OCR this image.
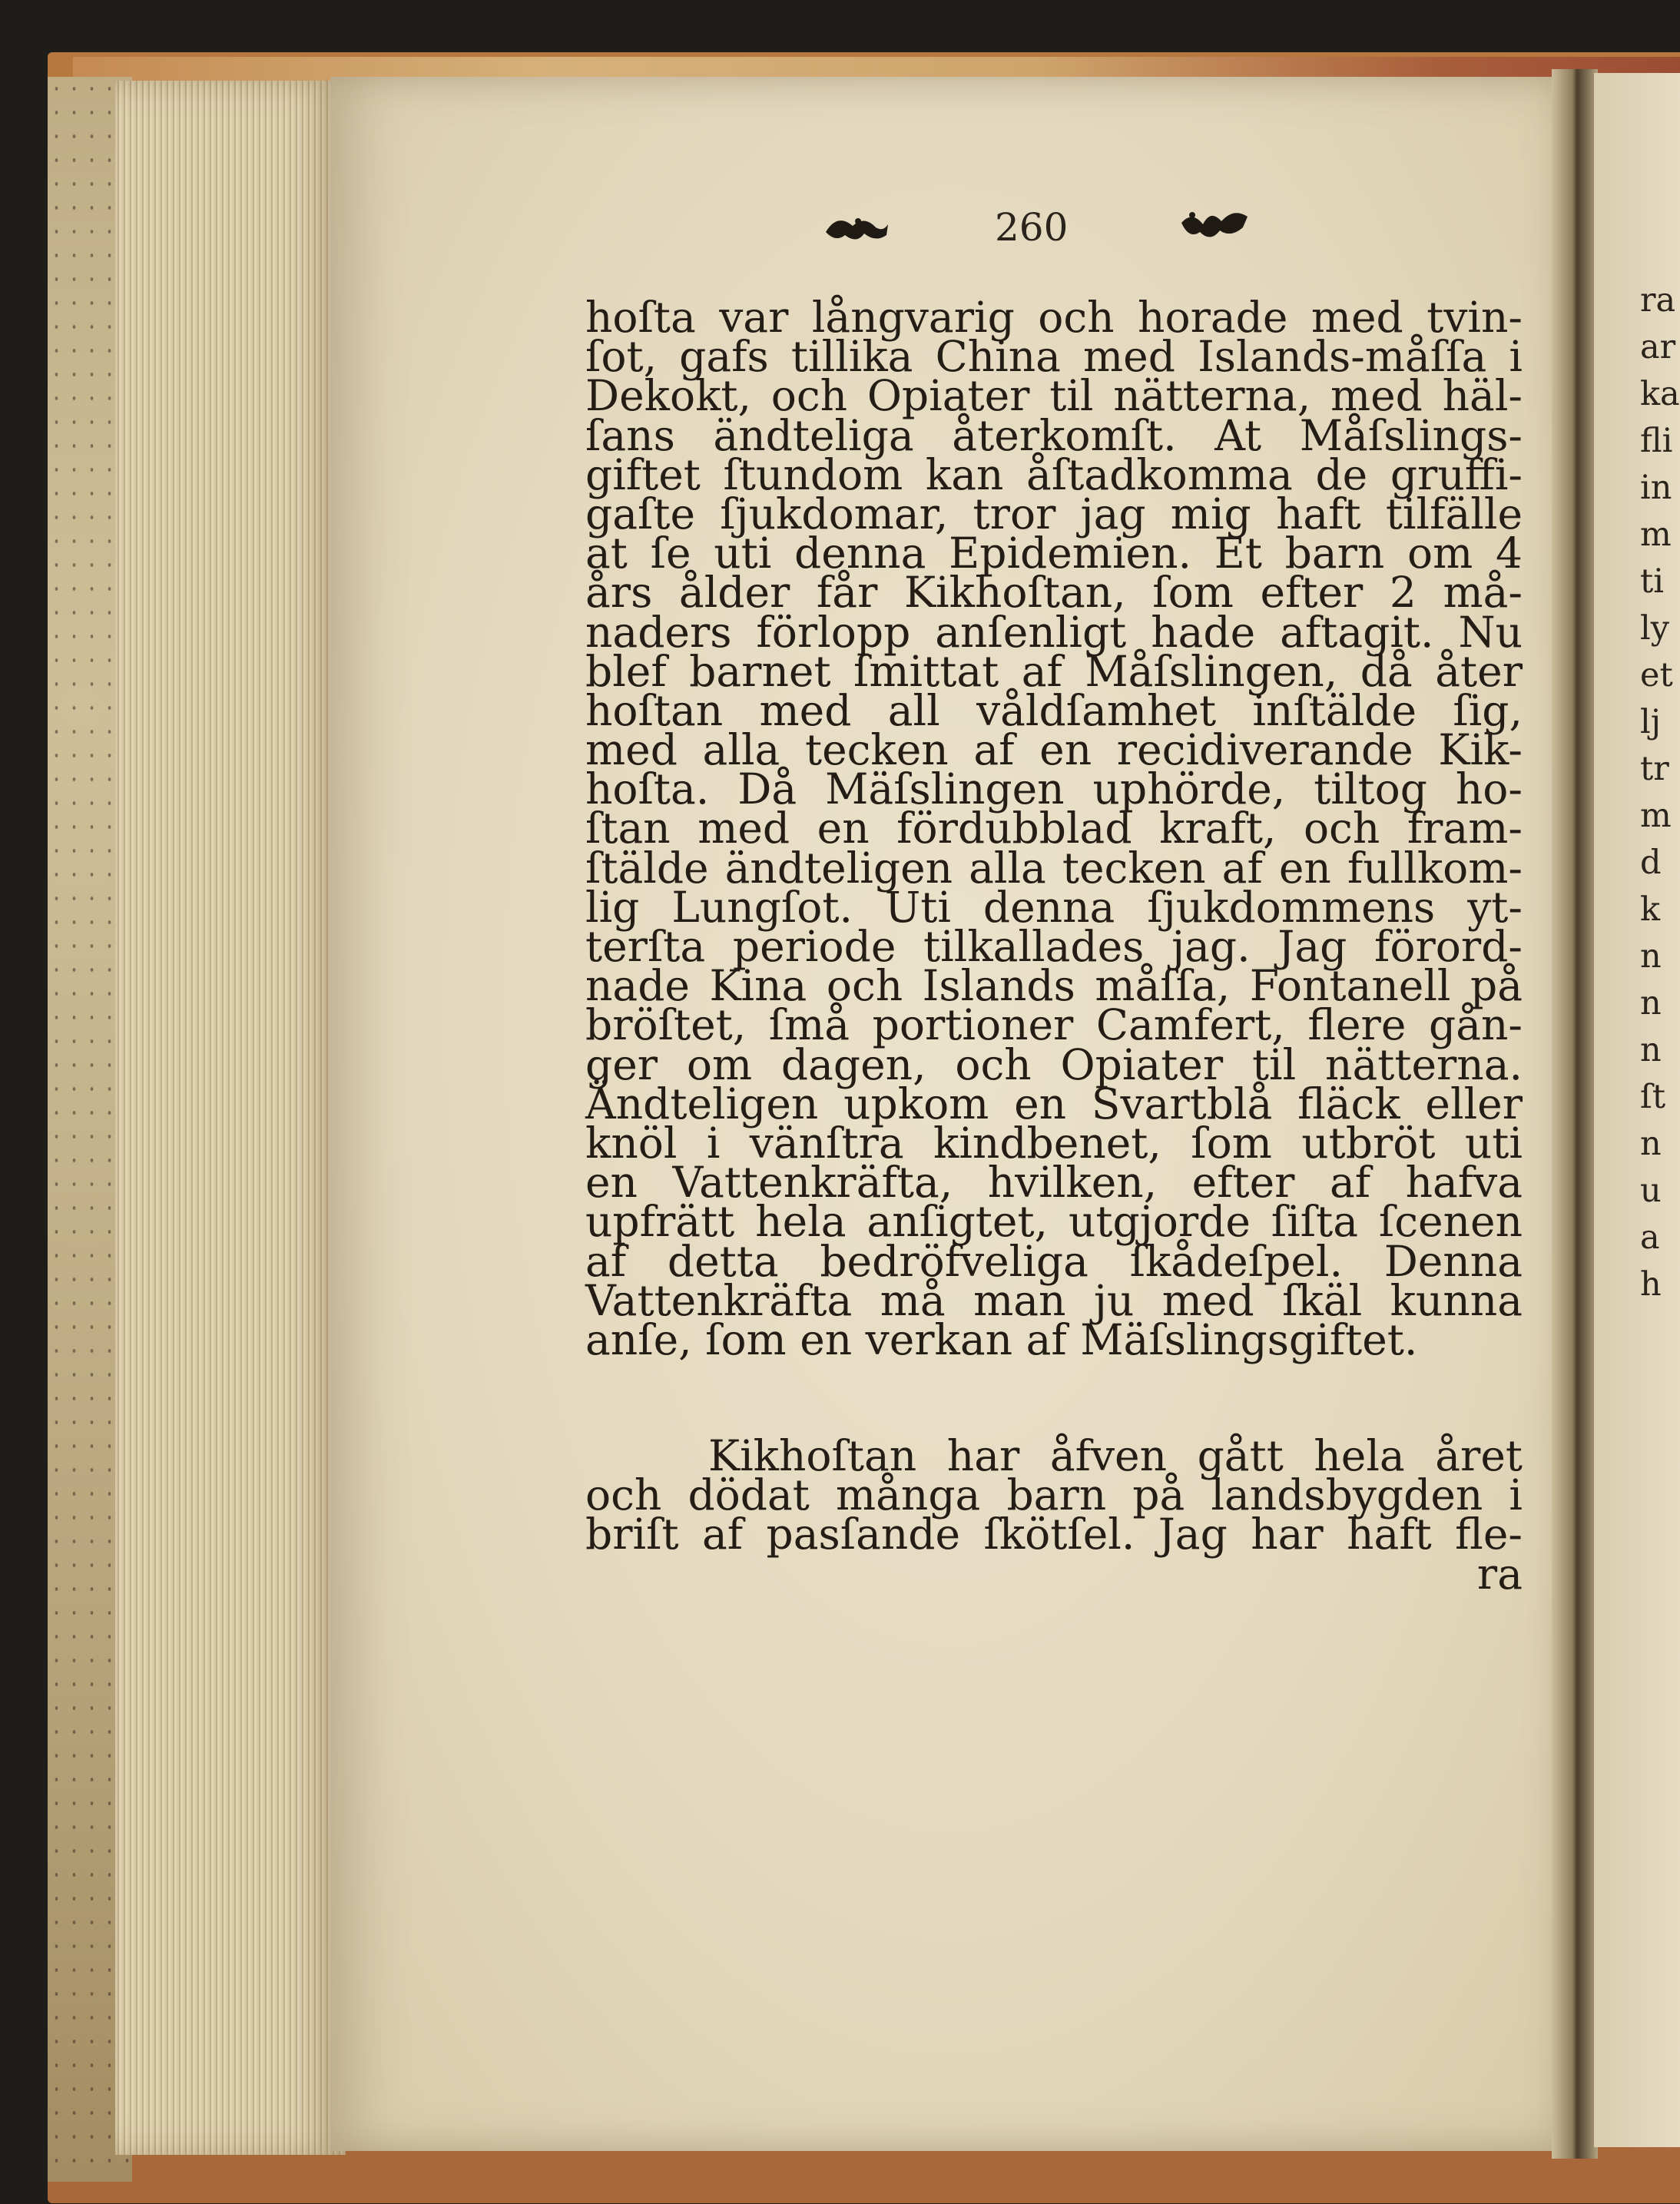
ra
ar
ka
fli
in
m
ti
ly
et
lj
tr
m
d
k
n
n
n
ſt
n
u
a
h
260
hoſta var långvarig och horade med tvin-
ſot, gafs tillika China med Islands-måſſa i
Dekokt, och Opiater til nätterna, med häl-
ſans ändteliga återkomſt. At Måſslings-
giftet ſtundom kan åſtadkomma de gruffi-
gaſte ſjukdomar, tror jag mig haft tilfälle
at ſe uti denna Epidemien. Et barn om 4
års ålder får Kikhoſtan, ſom efter 2 må-
naders förlopp anſenligt hade aftagit. Nu
blef barnet ſmittat af Måſslingen, då åter
hoſtan med all våldſamhet inſtälde ſig,
med alla tecken af en recidiverande Kik-
hoſta. Då Mäſslingen uphörde, tiltog ho-
ſtan med en fördubblad kraft, och fram-
ſtälde ändteligen alla tecken af en fullkom-
lig Lungſot. Uti denna ſjukdommens yt-
terſta periode tilkallades jag. Jag förord-
nade Kina och Islands måſſa, Fontanell på
bröſtet, ſmå portioner Camfert, flere gån-
ger om dagen, och Opiater til nätterna.
Ändteligen upkom en Svartblå fläck eller
knöl i vänſtra kindbenet, ſom utbröt uti
en Vattenkräfta, hvilken, efter af hafva
upfrätt hela anſigtet, utgjorde ſiſta ſcenen
af detta bedröfveliga ſkådeſpel. Denna
Vattenkräfta må man ju med ſkäl kunna
anſe, ſom en verkan af Mäſslingsgiftet.
Kikhoſtan har åfven gått hela året
och dödat många barn på landsbygden i
briſt af pasſande ſkötſel. Jag har haft fle-
ra
